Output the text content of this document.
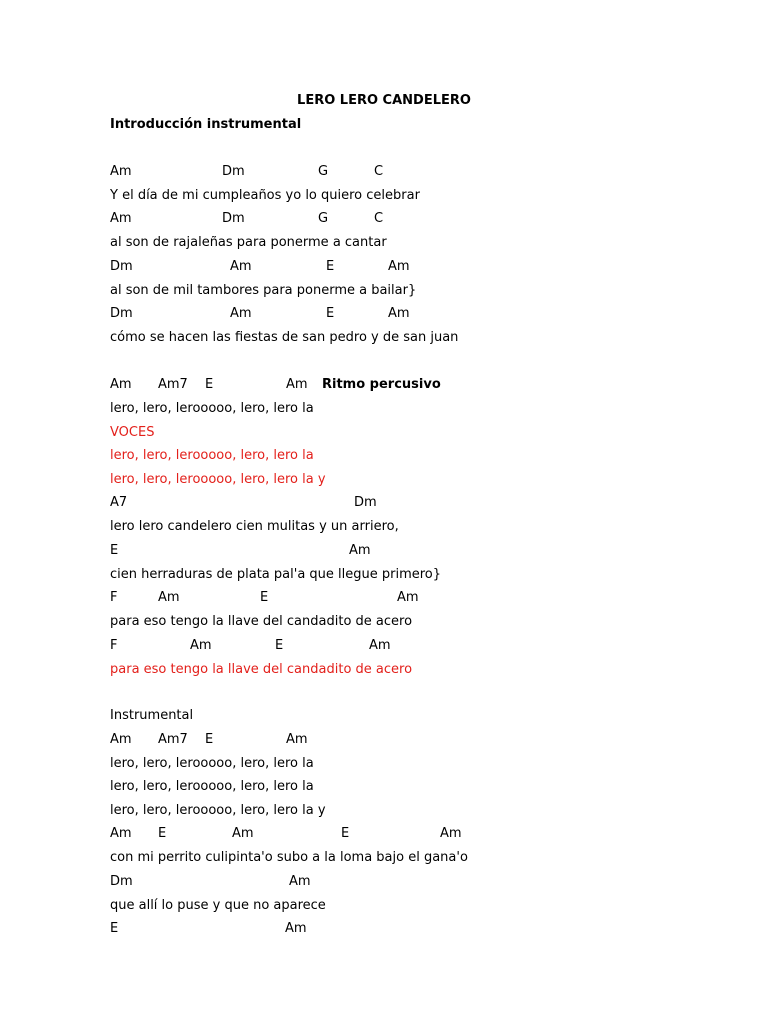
LERO LERO CANDELERO
Introducción instrumental
Am	Dm	G	C
Y el día de mi cumpleaños yo lo quiero celebrar
Am	Dm	G	C
al son de rajaleñas para ponerme a cantar
Dm	Am	E	Am
al son de mil tambores para ponerme a bailar}
Dm	Am	E	Am
cómo se hacen las fiestas de san pedro y de san juan
Am Am7 E	Am Ritmo percusivo
lero, lero, lerooooo, lero, lero la
VOCES
lero, lero, lerooooo, lero, lero la
lero, lero, lerooooo, lero, lero la y
A7	Dm
lero lero candelero cien mulitas y un arriero,
E	Am
cien herraduras de plata pal'a que llegue primero}
F	Am	E	Am
para eso tengo la llave del candadito de acero
F	Am	E	Am
para eso tengo la llave del candadito de acero
Instrumental
Am Am7 E	Am
lero, lero, lerooooo, lero, lero la
lero, lero, lerooooo, lero, lero la
lero, lero, lerooooo, lero, lero la y
Am E	Am	E	Am
con mi perrito culipinta'o subo a la loma bajo el gana'o
Dm	Am
que allí lo puse y que no aparece
E	Am
